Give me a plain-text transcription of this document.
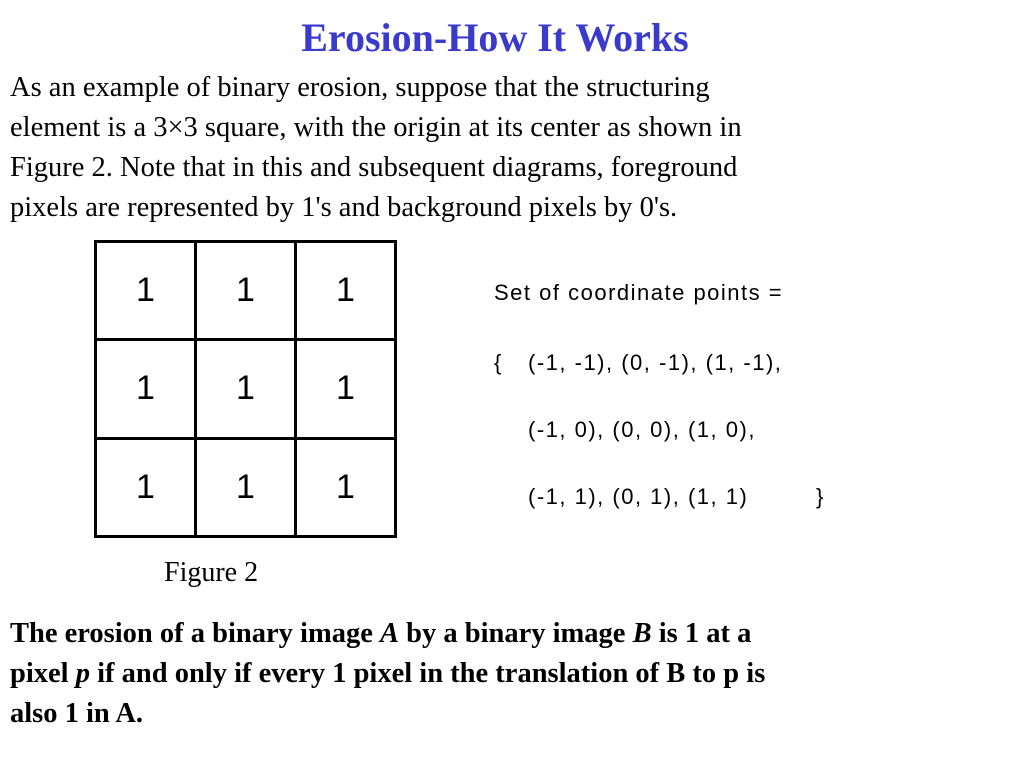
Erosion-How It Works
As an example of binary erosion, suppose that the structuring
element is a 3×3 square, with the origin at its center as shown in
Figure 2. Note that in this and subsequent diagrams, foreground
pixels are represented by 1's and background pixels by 0's.
1	1	1
1	1	1
1	1	1
Set of coordinate points =
{ (-1, -1), (0, -1), (1, -1),
(-1, 0), (0, 0), (1, 0),
(-1, 1), (0, 1), (1, 1)	}
Figure 2
The erosion of a binary image A by a binary image B is 1 at a
pixel p if and only if every 1 pixel in the translation of B to p is
also 1 in A.
